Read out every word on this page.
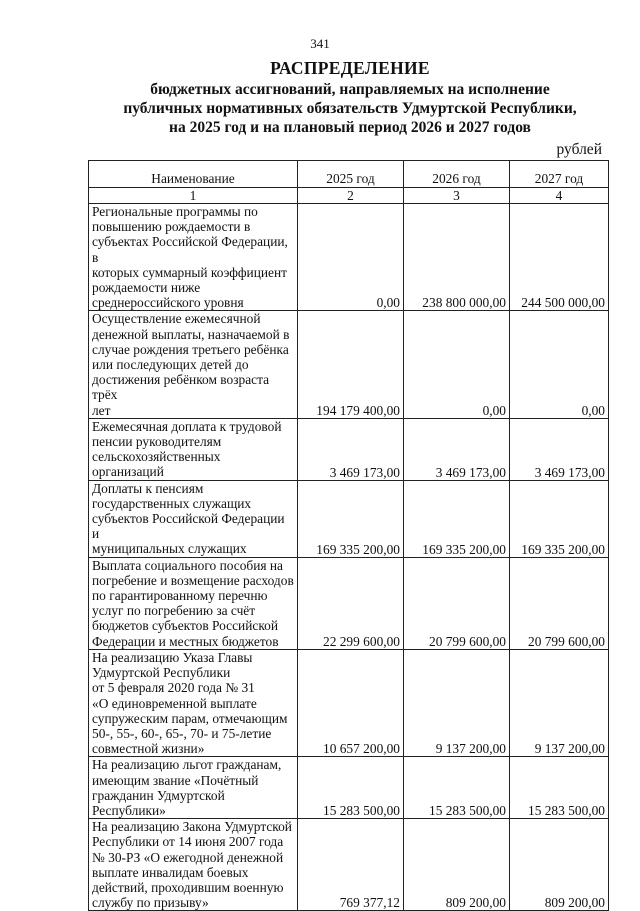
341
РАСПРЕДЕЛЕНИЕ
бюджетных ассигнований, направляемых на исполнение
публичных нормативных обязательств Удмуртской Республики,
на 2025 год и на плановый период 2026 и 2027 годов
рублей
Наименование	2025 год	2026 год	2027 год
1	2	3	4

Региональные программы по
повышению рождаемости в
субъектах Российской Федерации, в
которых суммарный коэффициент
рождаемости ниже
среднероссийского уровня	0,00	238 800 000,00	244 500 000,00

Осуществление ежемесячной
денежной выплаты, назначаемой в
случае рождения третьего ребёнка
или последующих детей до
достижения ребёнком возраста трёх
лет	194 179 400,00	0,00	0,00

Ежемесячная доплата к трудовой
пенсии руководителям
сельскохозяйственных организаций	3 469 173,00	3 469 173,00	3 469 173,00

Доплаты к пенсиям
государственных служащих
субъектов Российской Федерации и
муниципальных служащих	169 335 200,00	169 335 200,00	169 335 200,00

Выплата социального пособия на
погребение и возмещение расходов
по гарантированному перечню
услуг по погребению за счёт
бюджетов субъектов Российской
Федерации и местных бюджетов	22 299 600,00	20 799 600,00	20 799 600,00

На реализацию Указа Главы
Удмуртской Республики
от 5 февраля 2020 года № 31
«О единовременной выплате
супружеским парам, отмечающим
50-, 55-, 60-, 65-, 70- и 75-летие
совместной жизни»	10 657 200,00	9 137 200,00	9 137 200,00

На реализацию льгот гражданам,
имеющим звание «Почётный
гражданин Удмуртской
Республики»	15 283 500,00	15 283 500,00	15 283 500,00

На реализацию Закона Удмуртской
Республики от 14 июня 2007 года
№ 30-РЗ «О ежегодной денежной
выплате инвалидам боевых
действий, проходившим военную
службу по призыву»	769 377,12	809 200,00	809 200,00
